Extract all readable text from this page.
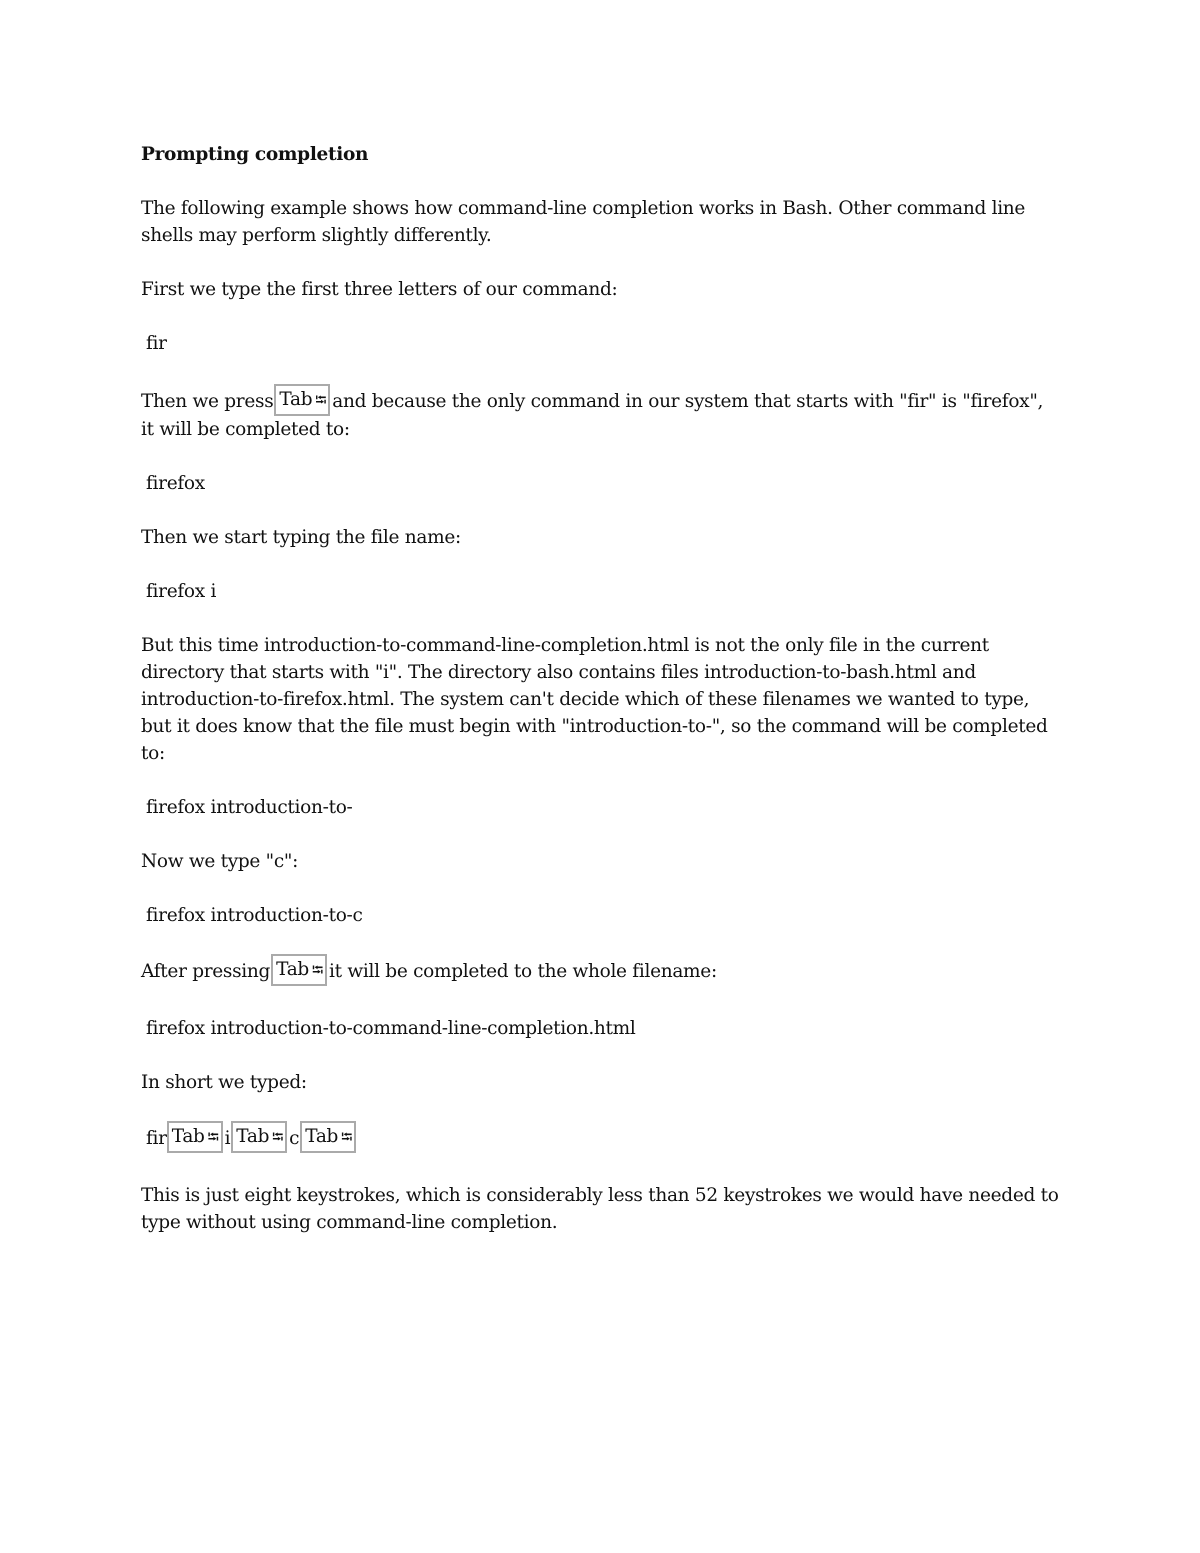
Prompting completion

The following example shows how command-line completion works in Bash. Other command line shells may perform slightly differently.

First we type the first three letters of our command:

fir

Then we press Tab ⭾ and because the only command in our system that starts with "fir" is "firefox", it will be completed to:

firefox

Then we start typing the file name:

firefox i

But this time introduction-to-command-line-completion.html is not the only file in the current directory that starts with "i". The directory also contains files introduction-to-bash.html and introduction-to-firefox.html. The system can't decide which of these filenames we wanted to type, but it does know that the file must begin with "introduction-to-", so the command will be completed to:

firefox introduction-to-

Now we type "c":

firefox introduction-to-c

After pressing Tab ⭾ it will be completed to the whole filename:

firefox introduction-to-command-line-completion.html

In short we typed:

fir Tab ⭾ i Tab ⭾ c Tab ⭾

This is just eight keystrokes, which is considerably less than 52 keystrokes we would have needed to type without using command-line completion.
